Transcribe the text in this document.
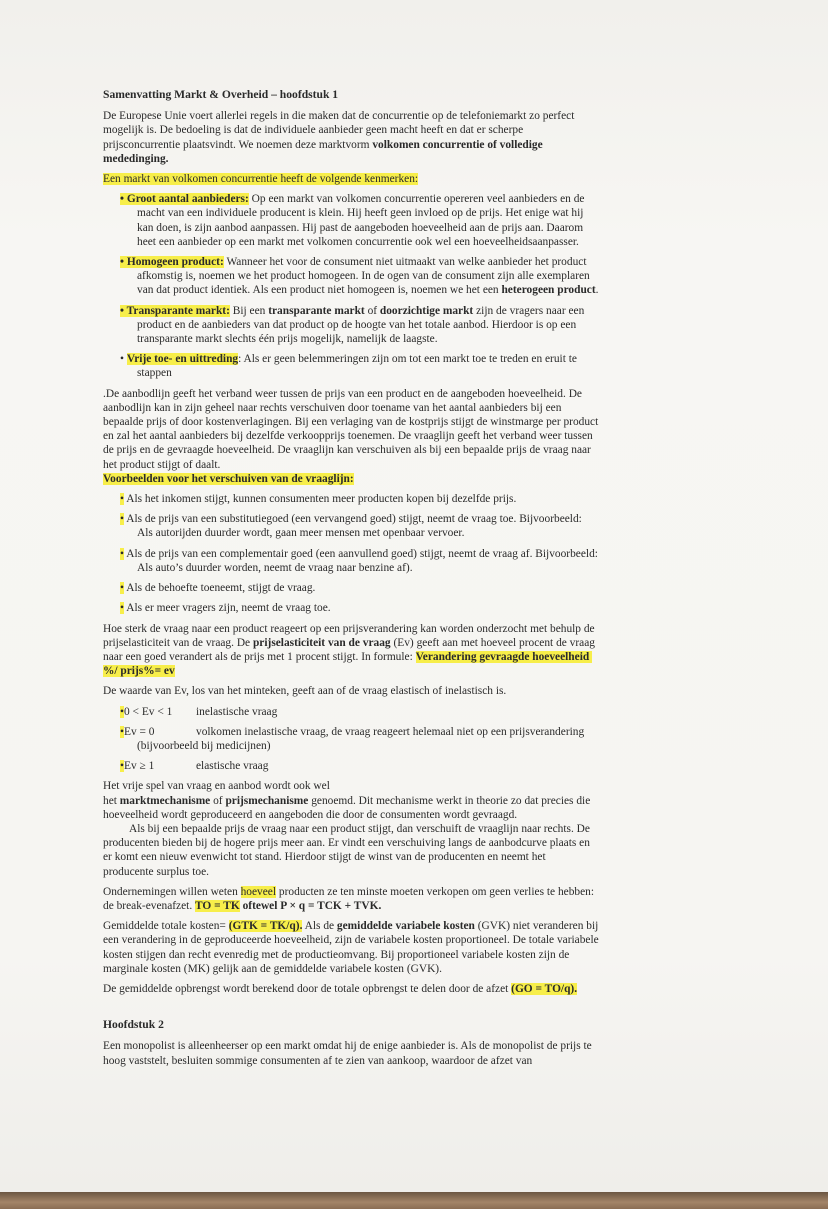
Samenvatting Markt & Overheid – hoofdstuk 1
De Europese Unie voert allerlei regels in die maken dat de concurrentie op de telefoniemarkt zo perfect mogelijk is. De bedoeling is dat de individuele aanbieder geen macht heeft en dat er scherpe prijsconcurrentie plaatsvindt. We noemen deze marktvorm volkomen concurrentie of volledige mededinging.
Een markt van volkomen concurrentie heeft de volgende kenmerken:
• Groot aantal aanbieders: Op een markt van volkomen concurrentie opereren veel aanbieders en de macht van een individuele producent is klein. Hij heeft geen invloed op de prijs. Het enige wat hij kan doen, is zijn aanbod aanpassen. Hij past de aangeboden hoeveelheid aan de prijs aan. Daarom heet een aanbieder op een markt met volkomen concurrentie ook wel een hoeveelheidsaanpasser.
• Homogeen product: Wanneer het voor de consument niet uitmaakt van welke aanbieder het product afkomstig is, noemen we het product homogeen. In de ogen van de consument zijn alle exemplaren van dat product identiek. Als een product niet homogeen is, noemen we het een heterogeen product.
• Transparante markt: Bij een transparante markt of doorzichtige markt zijn de vragers naar een product en de aanbieders van dat product op de hoogte van het totale aanbod. Hierdoor is op een transparante markt slechts één prijs mogelijk, namelijk de laagste.
• Vrije toe- en uittreding: Als er geen belemmeringen zijn om tot een markt toe te treden en eruit te stappen
.De aanbodlijn geeft het verband weer tussen de prijs van een product en de aangeboden hoeveelheid. De aanbodlijn kan in zijn geheel naar rechts verschuiven door toename van het aantal aanbieders bij een bepaalde prijs of door kostenverlagingen. Bij een verlaging van de kostprijs stijgt de winstmarge per product en zal het aantal aanbieders bij dezelfde verkoopprijs toenemen. De vraaglijn geeft het verband weer tussen de prijs en de gevraagde hoeveelheid. De vraaglijn kan verschuiven als bij een bepaalde prijs de vraag naar het product stijgt of daalt.
Voorbeelden voor het verschuiven van de vraaglijn:
• Als het inkomen stijgt, kunnen consumenten meer producten kopen bij dezelfde prijs.
• Als de prijs van een substitutiegoed (een vervangend goed) stijgt, neemt de vraag toe. Bijvoorbeeld: Als autorijden duurder wordt, gaan meer mensen met openbaar vervoer.
• Als de prijs van een complementair goed (een aanvullend goed) stijgt, neemt de vraag af. Bijvoorbeeld: Als auto’s duurder worden, neemt de vraag naar benzine af).
• Als de behoefte toeneemt, stijgt de vraag.
• Als er meer vragers zijn, neemt de vraag toe.
Hoe sterk de vraag naar een product reageert op een prijsverandering kan worden onderzocht met behulp de prijselasticiteit van de vraag. De prijselasticiteit van de vraag (Ev) geeft aan met hoeveel procent de vraag naar een goed verandert als de prijs met 1 procent stijgt. In formule: Verandering gevraagde hoeveelheid %/ prijs%= ev
De waarde van Ev, los van het minteken, geeft aan of de vraag elastisch of inelastisch is.
•0 < Ev < 1 inelastische vraag
•Ev = 0	volkomen inelastische vraag, de vraag reageert helemaal niet op een prijsverandering (bijvoorbeeld bij medicijnen)
•Ev ≥ 1	elastische vraag
Het vrije spel van vraag en aanbod wordt ook wel
het marktmechanisme of prijsmechanisme genoemd. Dit mechanisme werkt in theorie zo dat precies die hoeveelheid wordt geproduceerd en aangeboden die door de consumenten wordt gevraagd.
Als bij een bepaalde prijs de vraag naar een product stijgt, dan verschuift de vraaglijn naar rechts. De producenten bieden bij de hogere prijs meer aan. Er vindt een verschuiving langs de aanbodcurve plaats en er komt een nieuw evenwicht tot stand. Hierdoor stijgt de winst van de producenten en neemt het producente surplus toe.
Ondernemingen willen weten hoeveel producten ze ten minste moeten verkopen om geen verlies te hebben: de break-evenafzet. TO = TK oftewel P × q = TCK + TVK.
Gemiddelde totale kosten= (GTK = TK/q). Als de gemiddelde variabele kosten (GVK) niet veranderen bij een verandering in de geproduceerde hoeveelheid, zijn de variabele kosten proportioneel. De totale variabele kosten stijgen dan recht evenredig met de productieomvang. Bij proportioneel variabele kosten zijn de marginale kosten (MK) gelijk aan de gemiddelde variabele kosten (GVK).
De gemiddelde opbrengst wordt berekend door de totale opbrengst te delen door de afzet (GO = TO/q).
Hoofdstuk 2
Een monopolist is alleenheerser op een markt omdat hij de enige aanbieder is. Als de monopolist de prijs te hoog vaststelt, besluiten sommige consumenten af te zien van aankoop, waardoor de afzet van
